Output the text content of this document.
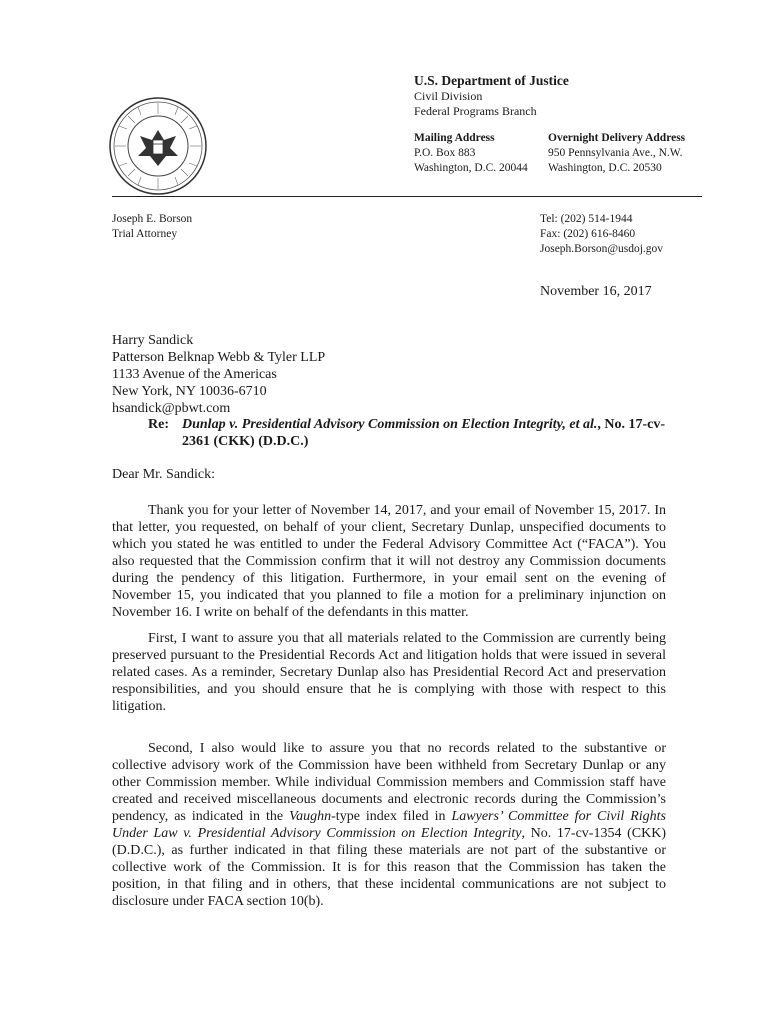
U.S. Department of Justice
Civil Division
Federal Programs Branch
Mailing Address
P.O. Box 883
Washington, D.C. 20044
Overnight Delivery Address
950 Pennsylvania Ave., N.W.
Washington, D.C. 20530
Joseph E. Borson
Trial Attorney
Tel: (202) 514-1944
Fax: (202) 616-8460
Joseph.Borson@usdoj.gov
November 16, 2017
Harry Sandick
Patterson Belknap Webb & Tyler LLP
1133 Avenue of the Americas
New York, NY 10036-6710
hsandick@pbwt.com
Re: Dunlap v. Presidential Advisory Commission on Election Integrity, et al., No. 17-cv-2361 (CKK) (D.D.C.)
Dear Mr. Sandick:
Thank you for your letter of November 14, 2017, and your email of November 15, 2017. In that letter, you requested, on behalf of your client, Secretary Dunlap, unspecified documents to which you stated he was entitled to under the Federal Advisory Committee Act (“FACA”). You also requested that the Commission confirm that it will not destroy any Commission documents during the pendency of this litigation. Furthermore, in your email sent on the evening of November 15, you indicated that you planned to file a motion for a preliminary injunction on November 16. I write on behalf of the defendants in this matter.
First, I want to assure you that all materials related to the Commission are currently being preserved pursuant to the Presidential Records Act and litigation holds that were issued in several related cases. As a reminder, Secretary Dunlap also has Presidential Record Act and preservation responsibilities, and you should ensure that he is complying with those with respect to this litigation.
Second, I also would like to assure you that no records related to the substantive or collective advisory work of the Commission have been withheld from Secretary Dunlap or any other Commission member. While individual Commission members and Commission staff have created and received miscellaneous documents and electronic records during the Commission’s pendency, as indicated in the Vaughn-type index filed in Lawyers’ Committee for Civil Rights Under Law v. Presidential Advisory Commission on Election Integrity, No. 17-cv-1354 (CKK) (D.D.C.), as further indicated in that filing these materials are not part of the substantive or collective work of the Commission. It is for this reason that the Commission has taken the position, in that filing and in others, that these incidental communications are not subject to disclosure under FACA section 10(b).
